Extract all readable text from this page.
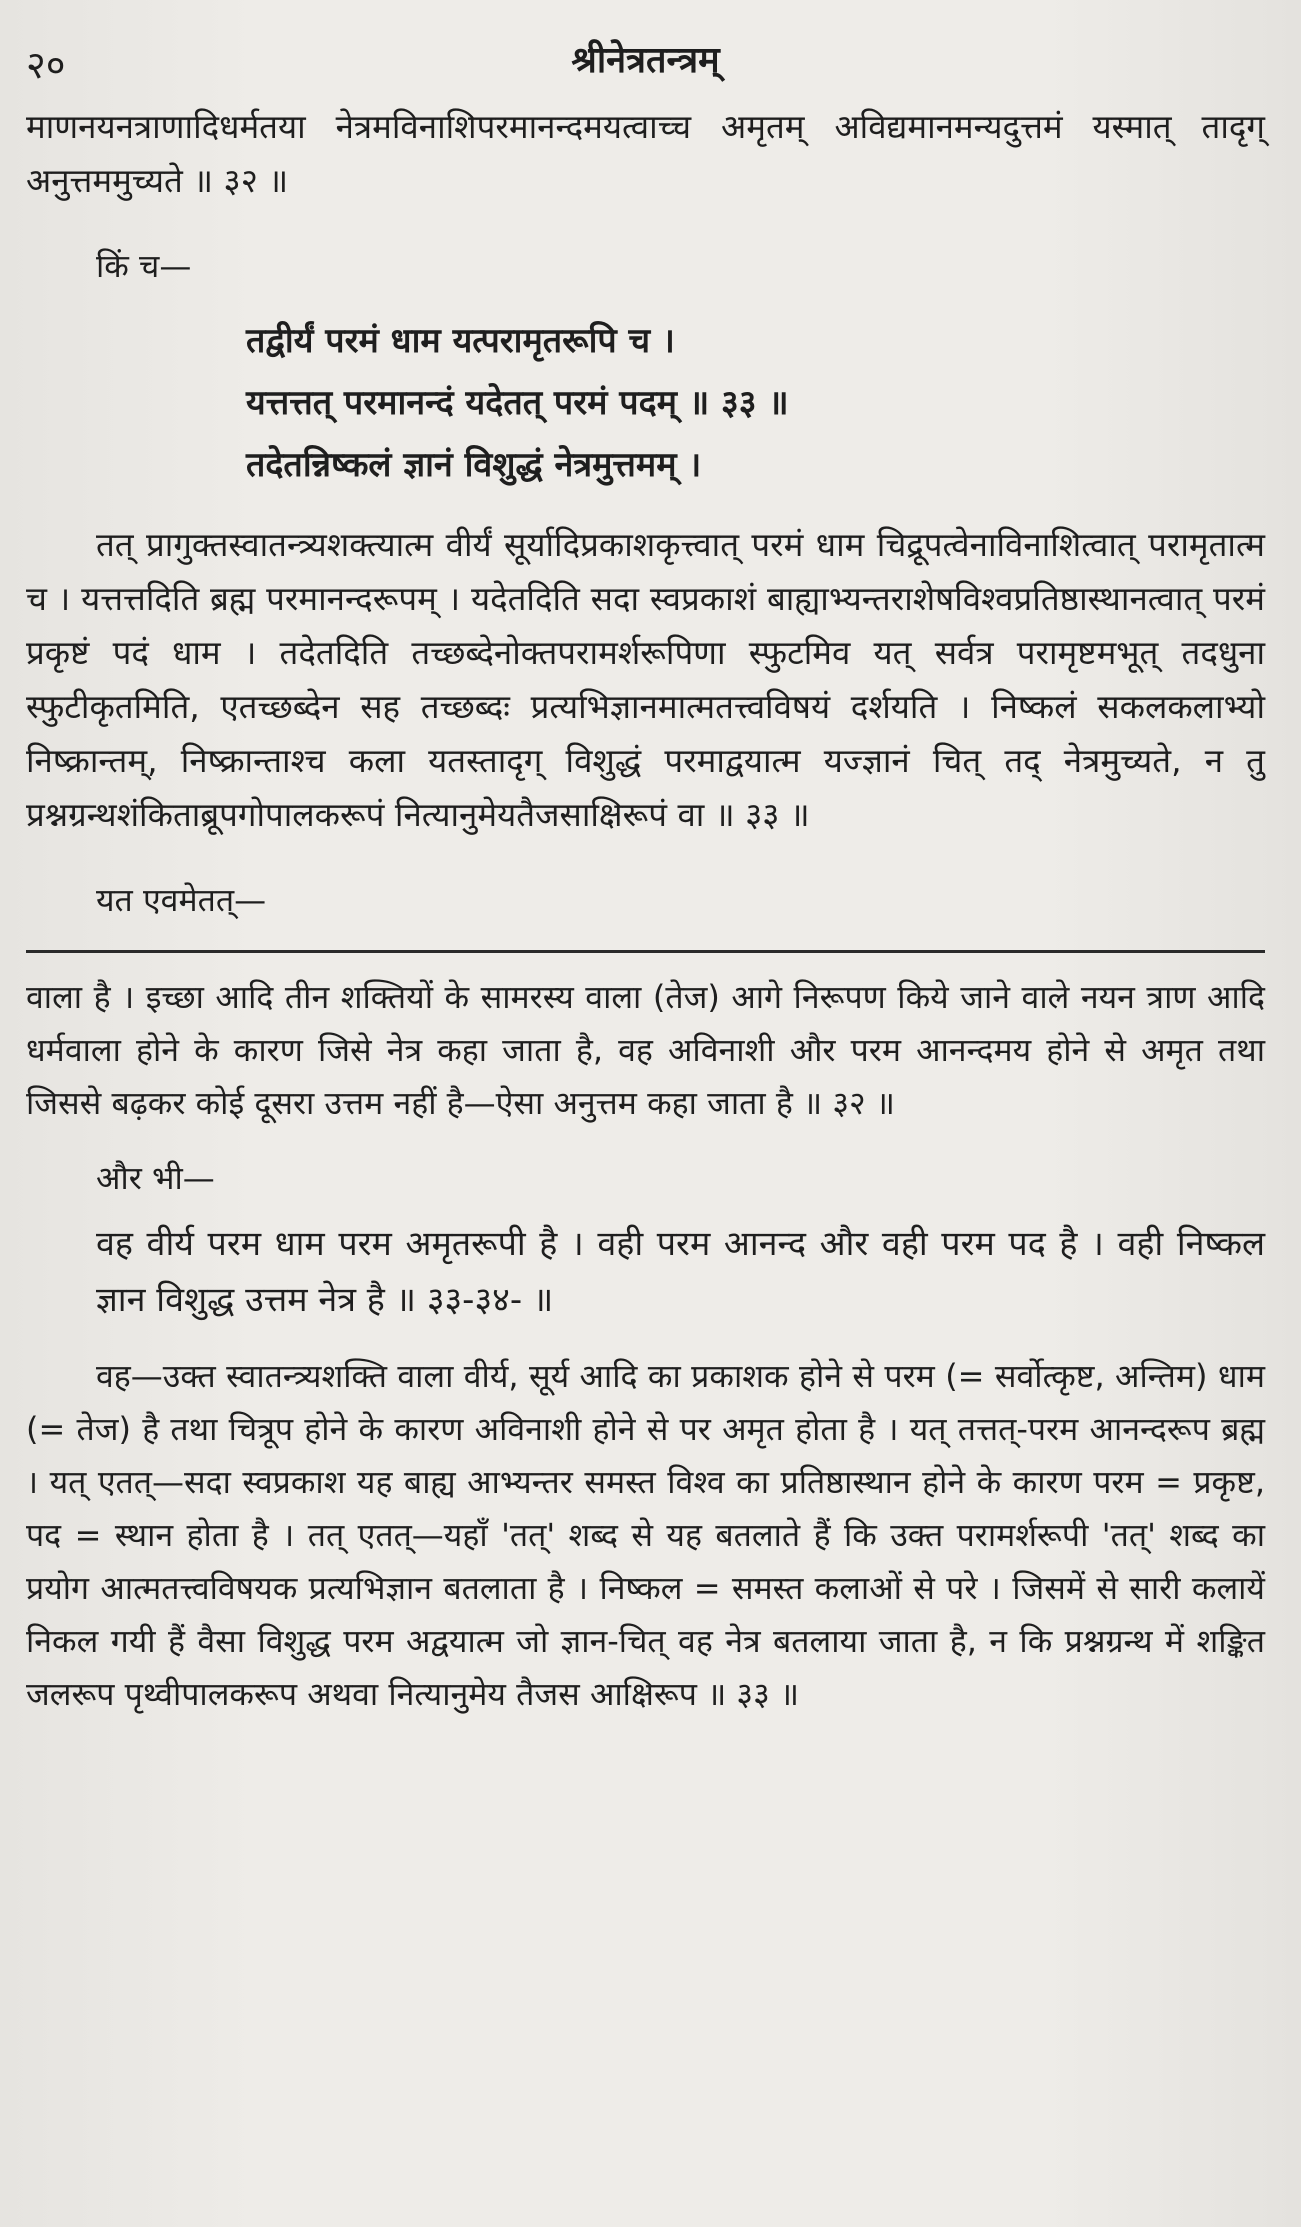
२०	श्रीनेत्रतन्त्रम्

माणनयनत्राणादिधर्मतया नेत्रमविनाशिपरमानन्दमयत्वाच्च अमृतम् अविद्यमानमन्यदुत्तमं यस्मात् तादृग् अनुत्तममुच्यते ॥ ३२ ॥

किं च—
तद्वीर्यं परमं धाम यत्परामृतरूपि च ।
यत्तत्तत् परमानन्दं यदेतत् परमं पदम् ॥ ३३ ॥
तदेतन्निष्कलं ज्ञानं विशुद्धं नेत्रमुत्तमम् ।

तत् प्रागुक्तस्वातन्त्र्यशक्त्यात्म वीर्यं सूर्यादिप्रकाशकृत्त्वात् परमं धाम चिद्रूपत्वेनाविनाशित्वात् परामृतात्म च । यत्तत्तदिति ब्रह्म परमानन्दरूपम् । यदेतदिति सदा स्वप्रकाशं बाह्याभ्यन्तराशेषविश्वप्रतिष्ठास्थानत्वात् परमं प्रकृष्टं पदं धाम । तदेतदिति तच्छब्देनोक्तपरामर्शरूपिणा स्फुटमिव यत् सर्वत्र परामृष्टमभूत् तदधुना स्फुटीकृतमिति, एतच्छब्देन सह तच्छब्दः प्रत्यभिज्ञानमात्मतत्त्वविषयं दर्शयति । निष्कलं सकलकलाभ्यो निष्क्रान्तम्, निष्क्रान्ताश्च कला यतस्तादृग् विशुद्धं परमाद्वयात्म यज्ज्ञानं चित् तद् नेत्रमुच्यते, न तु प्रश्नग्रन्थशंकिताब्रूपगोपालकरूपं नित्यानुमेयतैजसाक्षिरूपं वा ॥ ३३ ॥

यत एवमेतत्—

वाला है । इच्छा आदि तीन शक्तियों के सामरस्य वाला (तेज) आगे निरूपण किये जाने वाले नयन त्राण आदि धर्मवाला होने के कारण जिसे नेत्र कहा जाता है, वह अविनाशी और परम आनन्दमय होने से अमृत तथा जिससे बढ़कर कोई दूसरा उत्तम नहीं है—ऐसा अनुत्तम कहा जाता है ॥ ३२ ॥

और भी—

वह वीर्य परम धाम परम अमृतरूपी है । वही परम आनन्द और वही परम पद है । वही निष्कल ज्ञान विशुद्ध उत्तम नेत्र है ॥ ३३-३४- ॥

वह—उक्त स्वातन्त्र्यशक्ति वाला वीर्य, सूर्य आदि का प्रकाशक होने से परम (= सर्वोत्कृष्ट, अन्तिम) धाम (= तेज) है तथा चित्रूप होने के कारण अविनाशी होने से पर अमृत होता है । यत् तत्तत्-परम आनन्दरूप ब्रह्म । यत् एतत्—सदा स्वप्रकाश यह बाह्य आभ्यन्तर समस्त विश्व का प्रतिष्ठास्थान होने के कारण परम = प्रकृष्ट, पद = स्थान होता है । तत् एतत्—यहाँ 'तत्' शब्द से यह बतलाते हैं कि उक्त परामर्शरूपी 'तत्' शब्द का प्रयोग आत्मतत्त्वविषयक प्रत्यभिज्ञान बतलाता है । निष्कल = समस्त कलाओं से परे । जिसमें से सारी कलायें निकल गयी हैं वैसा विशुद्ध परम अद्वयात्म जो ज्ञान-चित् वह नेत्र बतलाया जाता है, न कि प्रश्नग्रन्थ में शङ्कित जलरूप पृथ्वीपालकरूप अथवा नित्यानुमेय तैजस आक्षिरूप ॥ ३३ ॥
